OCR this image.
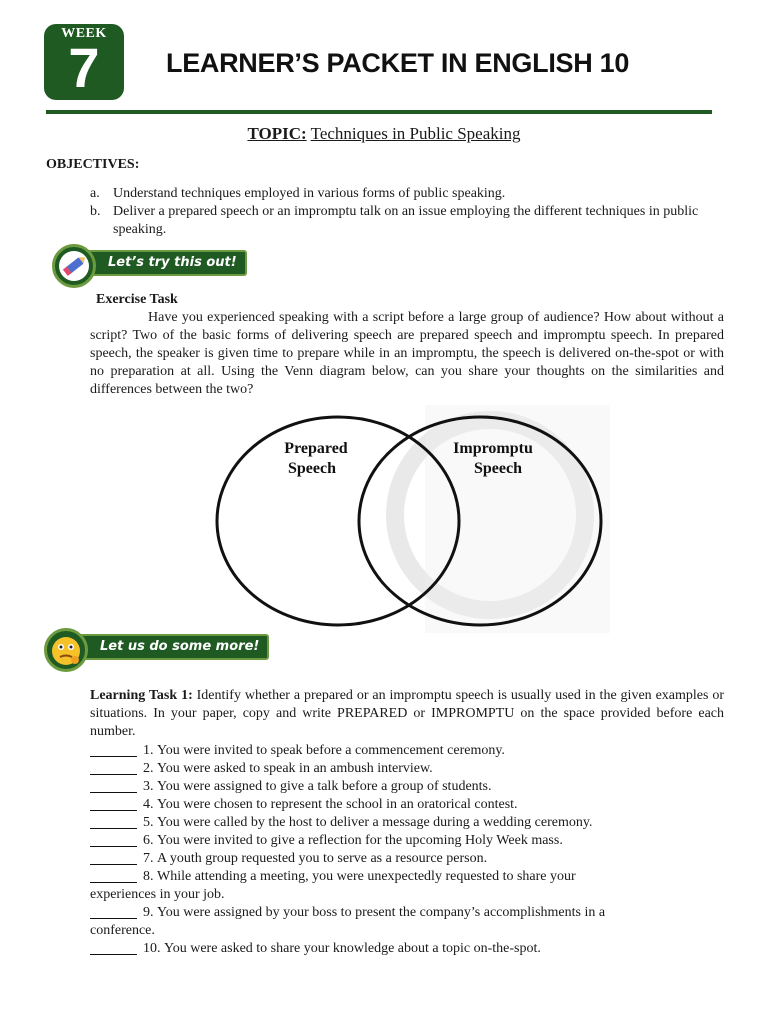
WEEK
7	LEARNER’S PACKET IN ENGLISH 10
TOPIC: Techniques in Public Speaking
OBJECTIVES:
a. Understand techniques employed in various forms of public speaking.
b. Deliver a prepared speech or an impromptu talk on an issue employing the different techniques in public speaking.
Let’s try this out!
Exercise Task
Have you experienced speaking with a script before a large group of audience? How about without a script? Two of the basic forms of delivering speech are prepared speech and impromptu speech. In prepared speech, the speaker is given time to prepare while in an impromptu, the speech is delivered on-the-spot or with no preparation at all. Using the Venn diagram below, can you share your thoughts on the similarities and differences between the two?
Prepared
Speech
Impromptu
Speech
Let us do some more!
Learning Task 1: Identify whether a prepared or an impromptu speech is usually used in the given examples or situations. In your paper, copy and write PREPARED or IMPROMPTU on the space provided before each number.
1.
You were invited to speak before a commencement ceremony.
2.
You were asked to speak in an ambush interview.
3.
You were assigned to give a talk before a group of students.
4.
You were chosen to represent the school in an oratorical contest.
5.
You were called by the host to deliver a message during a wedding ceremony.
6.
You were invited to give a reflection for the upcoming Holy Week mass.
7.
A youth group requested you to serve as a resource person.
8.
While attending a meeting, you were unexpectedly requested to share your
experiences in your job.
9.
You were assigned by your boss to present the company’s accomplishments in a
conference.
10.
You were asked to share your knowledge about a topic on-the-spot.
